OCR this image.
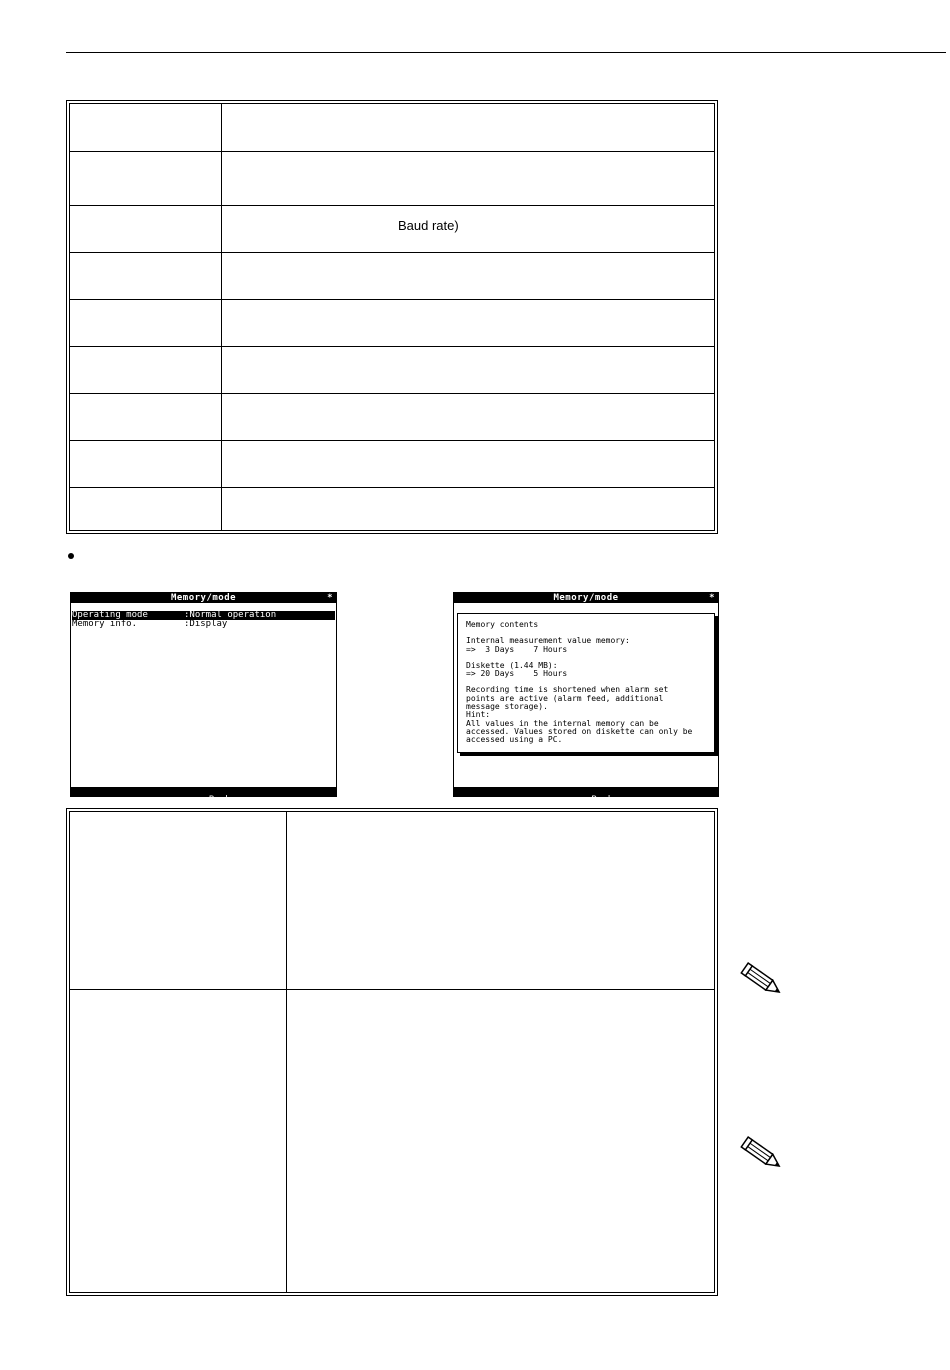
Baud rate)
Memory/mode	*
Operating mode	:Normal operation
Memory info.	:Display

□=Back
←=Help
↓↑=select
E=Change

Memory/mode	*

Memory contents

Internal measurement value memory:

=>  3 Days    7 Hours

Diskette (1.44 MB):

=> 20 Days    5 Hours

Recording time is shortened when alarm set
points are active (alarm feed, additional
message storage).

Hint:

All values in the internal memory can be
accessed. Values stored on diskette can only be
accessed using a PC.

□=Back
↓↑=Select
E=Accept
